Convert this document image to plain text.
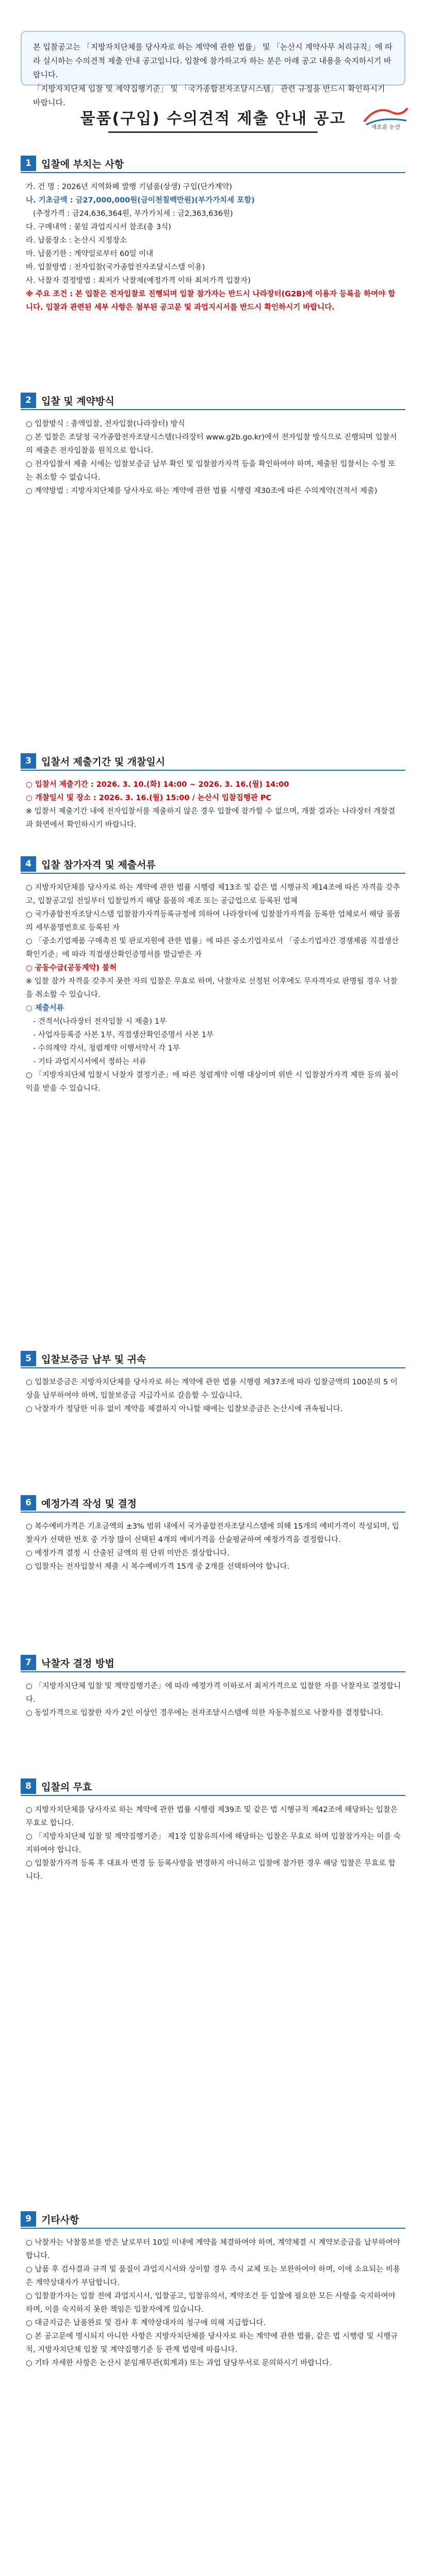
본 입찰공고는 「지방자치단체를 당사자로 하는 계약에 관한 법률」 및 「논산시 계약사무 처리규칙」에 따라 실시하는 수의견적 제출 안내 공고입니다. 입찰에 참가하고자 하는 분은 아래 공고 내용을 숙지하시기 바랍니다.

「지방자치단체 입찰 및 계약집행기준」 및 「국가종합전자조달시스템」 관련 규정을 반드시 확인하시기 바랍니다.

물품(구입) 수의견적 제출 안내 공고	새로운 논산
1	입찰에 부치는 사항

가. 건 명 : 2026년 지역화폐 발행 기념품(상생) 구입(단가계약)

나. 기초금액 : 금27,000,000원(금이천칠백만원)(부가가치세 포함)

(추정가격 : 금24,636,364원, 부가가치세 : 금2,363,636원)

다. 구매내역 : 붙임 과업지시서 참조(총 3식)

라. 납품장소 : 논산시 지정장소

마. 납품기한 : 계약일로부터 60일 이내

바. 입찰방법 : 전자입찰(국가종합전자조달시스템 이용)

사. 낙찰자 결정방법 : 최저가 낙찰제(예정가격 이하 최저가격 입찰자)

※ 주요 조건 : 본 입찰은 전자입찰로 진행되며 입찰 참가자는 반드시 나라장터(G2B)에 이용자 등록을 하여야 합니다. 입찰과 관련된 세부 사항은 첨부된 공고문 및 과업지시서를 반드시 확인하시기 바랍니다.

2	입찰 및 계약방식

○ 입찰방식 : 총액입찰, 전자입찰(나라장터) 방식

○ 본 입찰은 조달청 국가종합전자조달시스템(나라장터 www.g2b.go.kr)에서 전자입찰 방식으로 진행되며 입찰서의 제출은 전자입찰을 원칙으로 합니다.

○ 전자입찰서 제출 시에는 입찰보증금 납부 확인 및 입찰참가자격 등을 확인하여야 하며, 제출된 입찰서는 수정 또는 취소할 수 없습니다.

○ 계약방법 : 지방자치단체를 당사자로 하는 계약에 관한 법률 시행령 제30조에 따른 수의계약(견적서 제출)

3	입찰서 제출기간 및 개찰일시

○ 입찰서 제출기간 : 2026. 3. 10.(화) 14:00 ~ 2026. 3. 16.(월) 14:00

○ 개찰일시 및 장소 : 2026. 3. 16.(월) 15:00 / 논산시 입찰집행관 PC

※ 입찰서 제출기간 내에 전자입찰서를 제출하지 않은 경우 입찰에 참가할 수 없으며, 개찰 결과는 나라장터 개찰결과 화면에서 확인하시기 바랍니다.

4	입찰 참가자격 및 제출서류

○ 지방자치단체를 당사자로 하는 계약에 관한 법률 시행령 제13조 및 같은 법 시행규칙 제14조에 따른 자격을 갖추고, 입찰공고일 전일부터 입찰일까지 해당 물품의 제조 또는 공급업으로 등록된 업체

○ 국가종합전자조달시스템 입찰참가자격등록규정에 의하여 나라장터에 입찰참가자격을 등록한 업체로서 해당 물품의 세부품명번호로 등록된 자

○ 「중소기업제품 구매촉진 및 판로지원에 관한 법률」에 따른 중소기업자로서 「중소기업자간 경쟁제품 직접생산 확인기준」에 따라 직접생산확인증명서를 발급받은 자

○ 공동수급(공동계약) 불허

※ 입찰 참가 자격을 갖추지 못한 자의 입찰은 무효로 하며, 낙찰자로 선정된 이후에도 무자격자로 판명될 경우 낙찰을 취소할 수 있습니다.

○ 제출서류

- 견적서(나라장터 전자입찰 시 제출) 1부

- 사업자등록증 사본 1부, 직접생산확인증명서 사본 1부

- 수의계약 각서, 청렴계약 이행서약서 각 1부

- 기타 과업지시서에서 정하는 서류

○ 「지방자치단체 입찰시 낙찰자 결정기준」에 따른 청렴계약 이행 대상이며 위반 시 입찰참가자격 제한 등의 불이익을 받을 수 있습니다.

5	입찰보증금 납부 및 귀속

○ 입찰보증금은 지방자치단체를 당사자로 하는 계약에 관한 법률 시행령 제37조에 따라 입찰금액의 100분의 5 이상을 납부하여야 하며, 입찰보증금 지급각서로 갈음할 수 있습니다.

○ 낙찰자가 정당한 이유 없이 계약을 체결하지 아니할 때에는 입찰보증금은 논산시에 귀속됩니다.

6	예정가격 작성 및 결정

○ 복수예비가격은 기초금액의 ±3% 범위 내에서 국가종합전자조달시스템에 의해 15개의 예비가격이 작성되며, 입찰자가 선택한 번호 중 가장 많이 선택된 4개의 예비가격을 산술평균하여 예정가격을 결정합니다.

○ 예정가격 결정 시 산출된 금액의 원 단위 미만은 절상합니다.

○ 입찰자는 전자입찰서 제출 시 복수예비가격 15개 중 2개를 선택하여야 합니다.

7	낙찰자 결정 방법

○ 「지방자치단체 입찰 및 계약집행기준」에 따라 예정가격 이하로서 최저가격으로 입찰한 자를 낙찰자로 결정합니다.

○ 동일가격으로 입찰한 자가 2인 이상인 경우에는 전자조달시스템에 의한 자동추첨으로 낙찰자를 결정합니다.

8	입찰의 무효

○ 지방자치단체를 당사자로 하는 계약에 관한 법률 시행령 제39조 및 같은 법 시행규칙 제42조에 해당하는 입찰은 무효로 합니다.

○ 「지방자치단체 입찰 및 계약집행기준」 제1장 입찰유의서에 해당하는 입찰은 무효로 하며 입찰참가자는 이를 숙지하여야 합니다.

○ 입찰참가자격 등록 후 대표자 변경 등 등록사항을 변경하지 아니하고 입찰에 참가한 경우 해당 입찰은 무효로 합니다.

9	기타사항

○ 낙찰자는 낙찰통보를 받은 날로부터 10일 이내에 계약을 체결하여야 하며, 계약체결 시 계약보증금을 납부하여야 합니다.

○ 납품 후 검사결과 규격 및 품질이 과업지시서와 상이할 경우 즉시 교체 또는 보완하여야 하며, 이에 소요되는 비용은 계약상대자가 부담합니다.

○ 입찰참가자는 입찰 전에 과업지시서, 입찰공고, 입찰유의서, 계약조건 등 입찰에 필요한 모든 사항을 숙지하여야 하며, 이를 숙지하지 못한 책임은 입찰자에게 있습니다.

○ 대금지급은 납품완료 및 검사 후 계약상대자의 청구에 의해 지급합니다.

○ 본 공고문에 명시되지 아니한 사항은 지방자치단체를 당사자로 하는 계약에 관한 법률, 같은 법 시행령 및 시행규칙, 지방자치단체 입찰 및 계약집행기준 등 관계 법령에 따릅니다.

○ 기타 자세한 사항은 논산시 분임재무관(회계과) 또는 과업 담당부서로 문의하시기 바랍니다.
